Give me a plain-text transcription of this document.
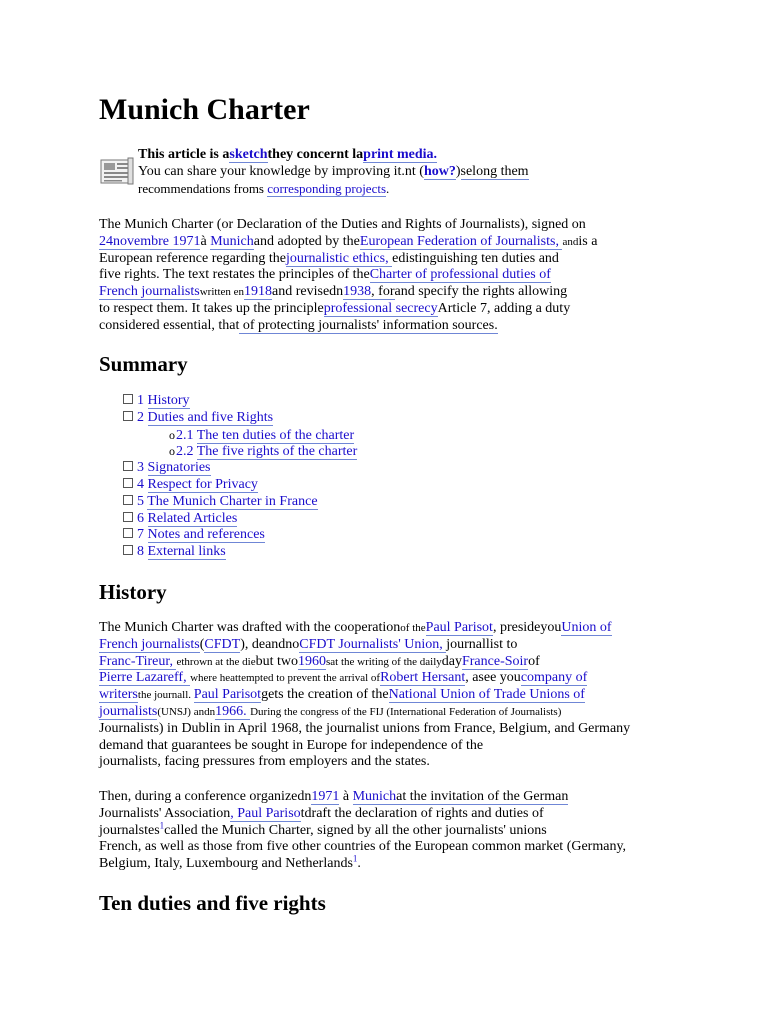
Munich Charter
This article is asketchthey concernt laprint media.
You can share your knowledge by improving it.nt (how?)selong them
recommendations froms corresponding projects.
The Munich Charter (or Declaration of the Duties and Rights of Journalists), signed on
24novembre 1971à Munichand adopted by theEuropean Federation of Journalists, andis a
European reference regarding thejournalistic ethics, edistinguishing ten duties and
five rights. The text restates the principles of theCharter of professional duties of
French journalistswritten en1918and revisedn1938, forand specify the rights allowing
to respect them. It takes up the principleprofessional secrecyArticle 7, adding a duty
considered essential, that of protecting journalists' information sources.
Summary
1 History
2 Duties and five Rights
o2.1 The ten duties of the charter
o2.2 The five rights of the charter
3 Signatories
4 Respect for Privacy
5 The Munich Charter in France
6 Related Articles
7 Notes and references
8 External links
History
The Munich Charter was drafted with the cooperationof thePaul Parisot, presideyouUnion of
French journalists(CFDT), deandnoCFDT Journalists' Union, journallist to
Franc-Tireur, ethrown at the diebut two1960sat the writing of the dailydayFrance-Soirof
Pierre Lazareff, where heattempted to prevent the arrival ofRobert Hersant, asee youcompany of
writersthe journall. Paul Parisotgets the creation of theNational Union of Trade Unions of
journalists(UNSJ) andn1966. During the congress of the FIJ (International Federation of Journalists)
Journalists) in Dublin in April 1968, the journalist unions from France, Belgium, and Germany
demand that guarantees be sought in Europe for independence of the
journalists, facing pressures from employers and the states.
Then, during a conference organizedn1971 à Munichat the invitation of the German
Journalists' Association, Paul Parisotdraft the declaration of rights and duties of
journalstes$^1$called the Munich Charter, signed by all the other journalists' unions
French, as well as those from five other countries of the European common market (Germany,
Belgium, Italy, Luxembourg and Netherlands$^1$.
Ten duties and five rights
